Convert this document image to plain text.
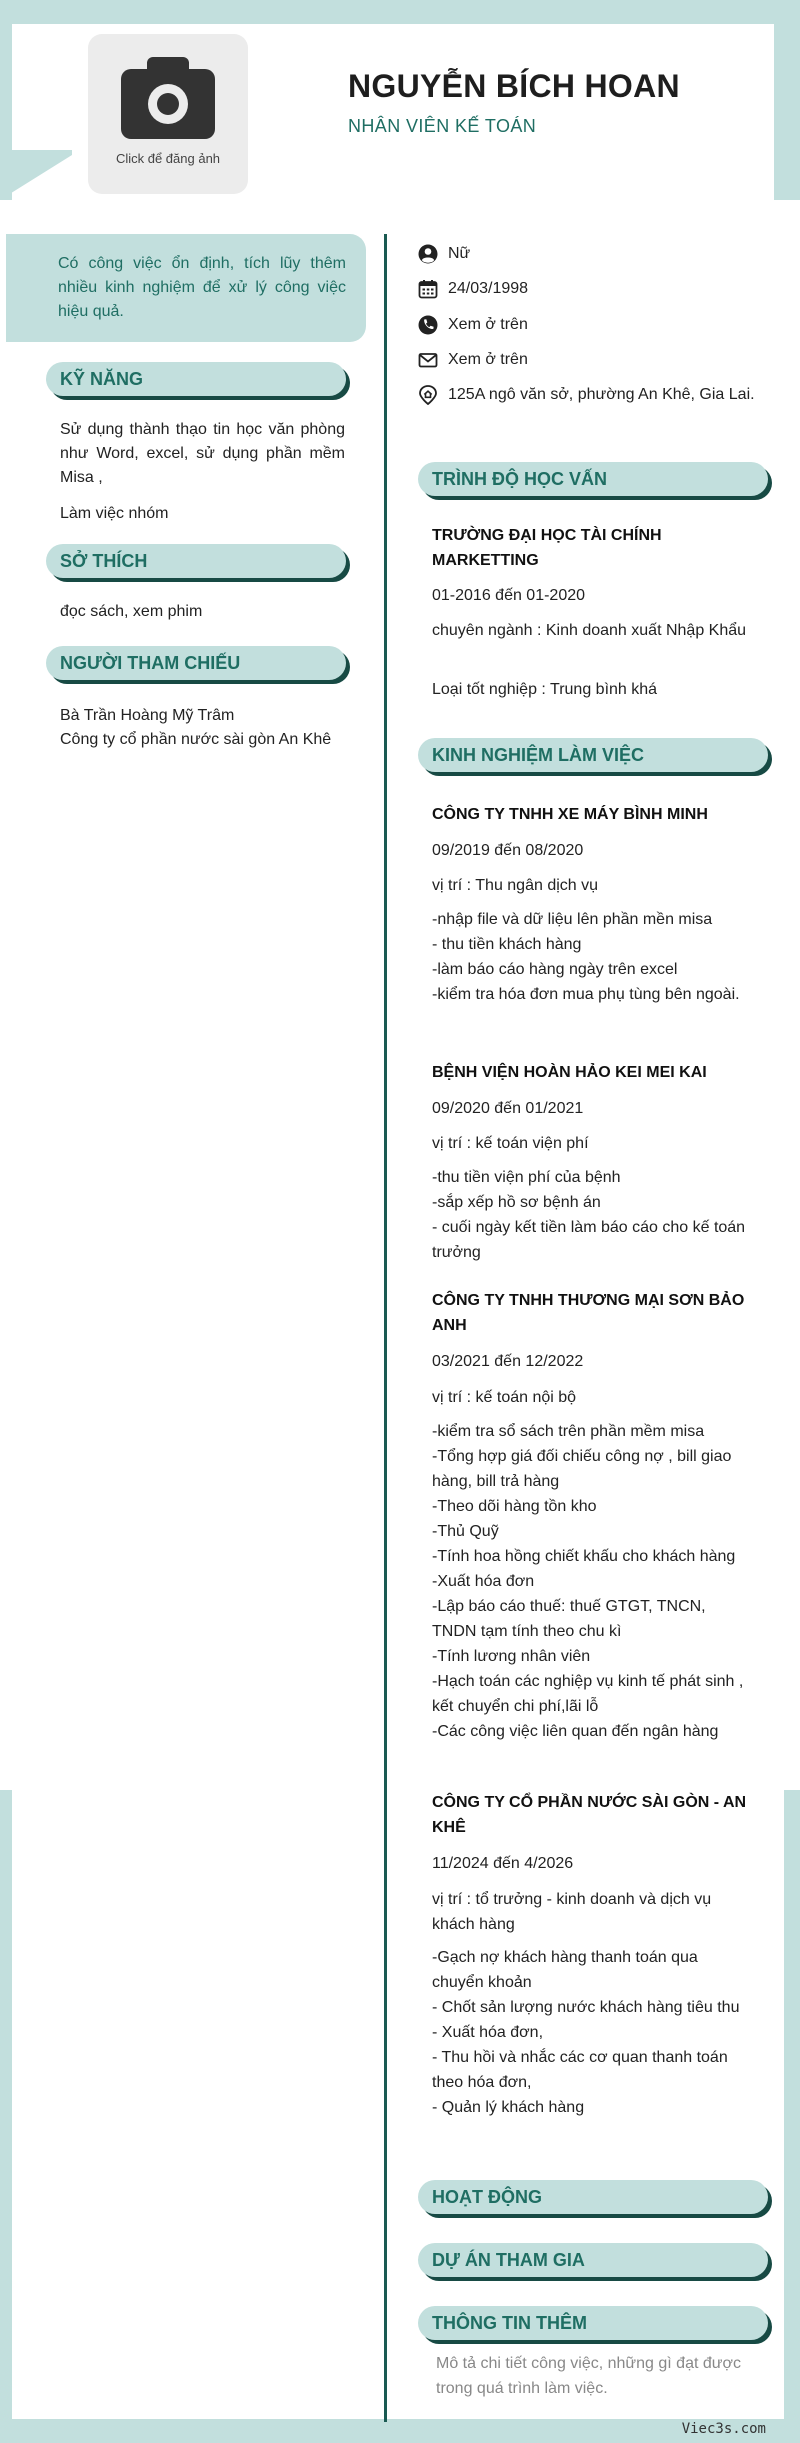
Viec3s.com
Click để đăng ảnh
NGUYỄN BÍCH HOAN
NHÂN VIÊN KẾ TOÁN
Có công việc ổn định, tích lũy thêm nhiều kinh nghiệm để xử lý công việc hiệu quả.
KỸ NĂNG
Sử dụng thành thạo tin học văn phòng như Word, excel, sử dụng phần mềm Misa ,
Làm việc nhóm
SỞ THÍCH
đọc sách, xem phim
NGƯỜI THAM CHIẾU
Bà Trần Hoàng Mỹ Trâm
Công ty cổ phần nước sài gòn An Khê
Nữ
24/03/1998
Xem ở trên
Xem ở trên
125A ngô văn sở, phường An Khê, Gia Lai.
TRÌNH ĐỘ HỌC VẤN
TRƯỜNG ĐẠI HỌC TÀI CHÍNH MARKETTING
01-2016 đến 01-2020
chuyên ngành : Kinh doanh xuất Nhập Khẩu
Loại tốt nghiệp : Trung bình khá
KINH NGHIỆM LÀM VIỆC
CÔNG TY TNHH XE MÁY BÌNH MINH
09/2019 đến 08/2020
vị trí : Thu ngân dịch vụ
-nhập file và dữ liệu lên phần mền misa
- thu tiền khách hàng
-làm báo cáo hàng ngày trên excel
-kiểm tra hóa đơn mua phụ tùng bên ngoài.
BỆNH VIỆN HOÀN HẢO KEI MEI KAI
09/2020 đến 01/2021
vị trí : kế toán viện phí
-thu tiền viện phí của bệnh
-sắp xếp hồ sơ bệnh án
- cuối ngày kết tiền làm báo cáo cho kế toán trưởng
CÔNG TY TNHH THƯƠNG MẠI SƠN BẢO ANH
03/2021 đến 12/2022
vị trí : kế toán nội bộ
-kiểm tra sổ sách trên phần mềm misa
-Tổng hợp giá đối chiếu công nợ , bill giao hàng, bill trả hàng
-Theo dõi hàng tồn kho
-Thủ Quỹ
-Tính hoa hồng chiết khấu cho khách hàng
-Xuất hóa đơn
-Lập báo cáo thuế: thuế GTGT, TNCN, TNDN tạm tính theo chu kì
-Tính lương nhân viên
-Hạch toán các nghiệp vụ kinh tế phát sinh , kết chuyển chi phí,lãi lỗ
-Các công việc liên quan đến ngân hàng
CÔNG TY CỔ PHẦN NƯỚC SÀI GÒN - AN KHÊ
11/2024 đến 4/2026
vị trí : tổ trưởng - kinh doanh và dịch vụ khách hàng
-Gạch nợ khách hàng thanh toán qua chuyển khoản
- Chốt sản lượng nước khách hàng tiêu thu
- Xuất hóa đơn,
- Thu hồi và nhắc các cơ quan thanh toán theo hóa đơn,
- Quản lý khách hàng
HOẠT ĐỘNG
DỰ ÁN THAM GIA
THÔNG TIN THÊM
Mô tả chi tiết công việc, những gì đạt được trong quá trình làm việc.
